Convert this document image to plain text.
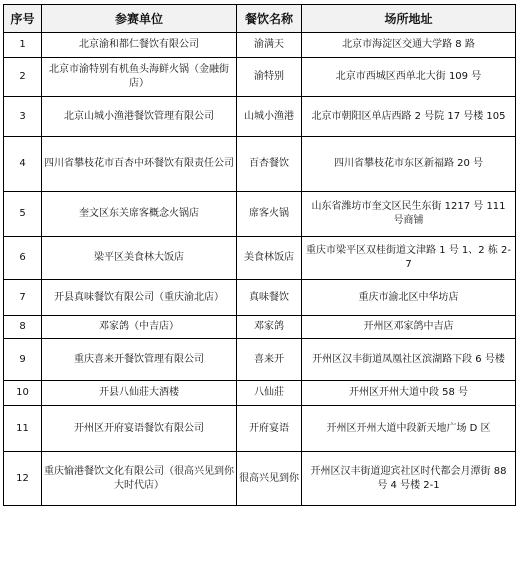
序号	参赛单位	餐饮名称	场所地址
1	北京渝和都仁餐饮有限公司	渝满天	北京市海淀区交通大学路 8 路
2	北京市渝特别有机鱼头海鲜火锅（金融街店）	渝特别	北京市西城区西单北大街 109 号
3	北京山城小渔港餐饮管理有限公司	山城小渔港	北京市朝阳区单店西路 2 号院 17 号楼 105
4	四川省攀枝花市百杏中环餐饮有限责任公司	百杏餐饮	四川省攀枝花市东区新福路 20 号
5	奎文区东关席客概念火锅店	席客火锅	山东省潍坊市奎文区民生东街 1217 号 111 号商铺
6	梁平区美食林大饭店	美食林饭店	重庆市梁平区双桂街道文津路 1 号 1、2 栋 2-7
7	开县真味餐饮有限公司（重庆渝北店）	真味餐饮	重庆市渝北区中华坊店
8	邓家鸽（中吉店）	邓家鸽	开州区邓家鸽中吉店
9	重庆喜来开餐饮管理有限公司	喜来开	开州区汉丰街道凤凰社区滨湖路下段 6 号楼
10	开县八仙莊大酒楼	八仙莊	开州区开州大道中段 58 号
11	开州区开府宴语餐饮有限公司	开府宴语	开州区开州大道中段新天地广场 D 区
12	重庆愉港餐饮文化有限公司（很高兴见到你大时代店）	很高兴见到你	开州区汉丰街道迎宾社区时代都会月潭街 88 号 4 号楼 2-1
